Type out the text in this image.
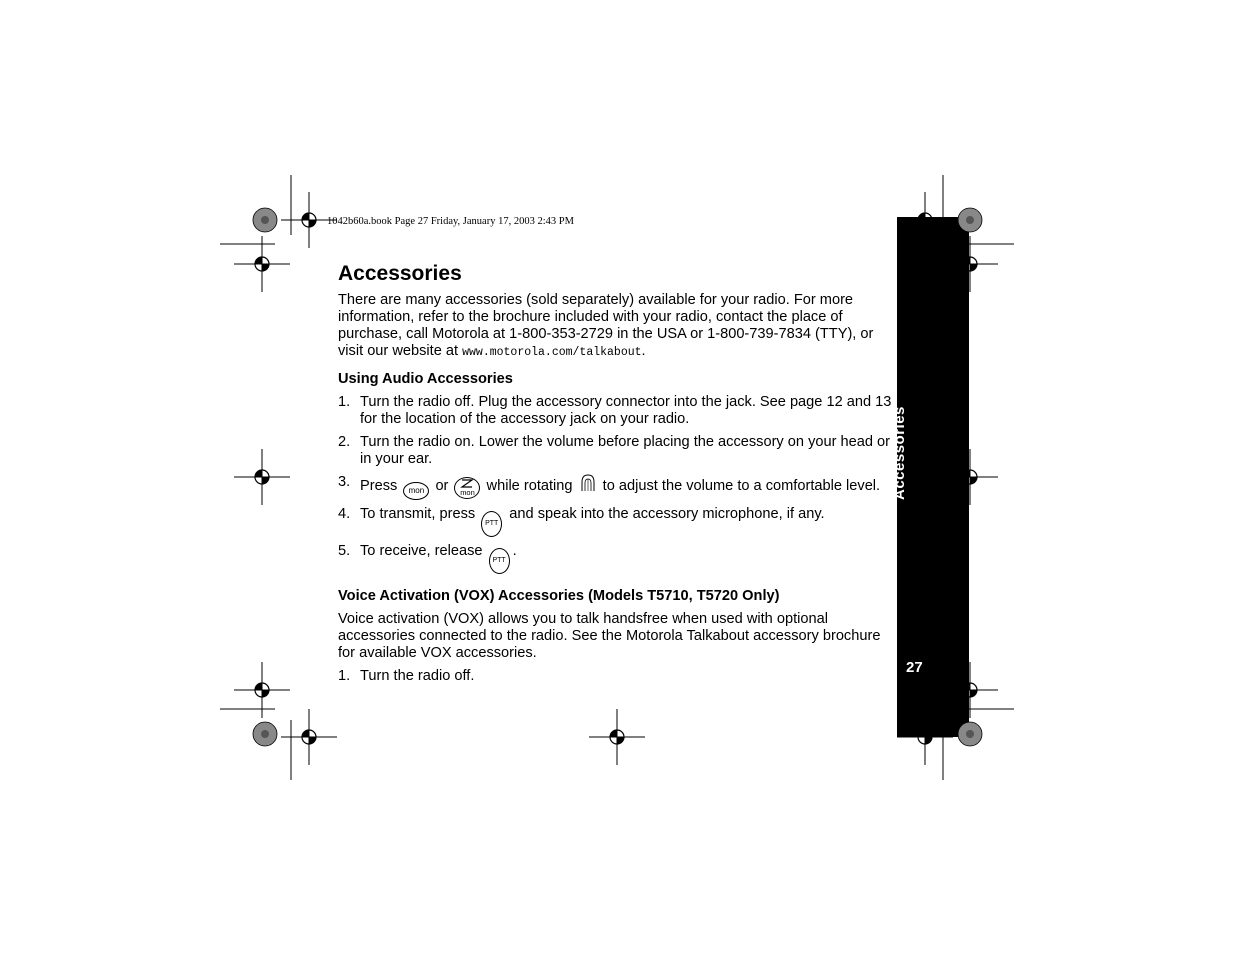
1042b60a.book Page 27 Friday, January 17, 2003 2:43 PM
Accessories

There are many accessories (sold separately) available for your radio. For more information, refer to the brochure included with your radio, contact the place of purchase, call Motorola at 1-800-353-2729 in the USA or 1-800-739-7834 (TTY), or visit our website at www.motorola.com/talkabout.

Using Audio Accessories
1. Turn the radio off. Plug the accessory connector into the jack. See page 12 and 13 for the location of the accessory jack on your radio.
2. Turn the radio on. Lower the volume before placing the accessory on your head or in your ear.
3. Press mon or mon while rotating to adjust the volume to a comfortable level.
4. To transmit, press PTT and speak into the accessory microphone, if any.
5. To receive, release PTT.
Voice Activation (VOX) Accessories (Models T5710, T5720 Only)

Voice activation (VOX) allows you to talk handsfree when used with optional accessories connected to the radio. See the Motorola Talkabout accessory brochure for available VOX accessories.

1. Turn the radio off.
Accessories
27
